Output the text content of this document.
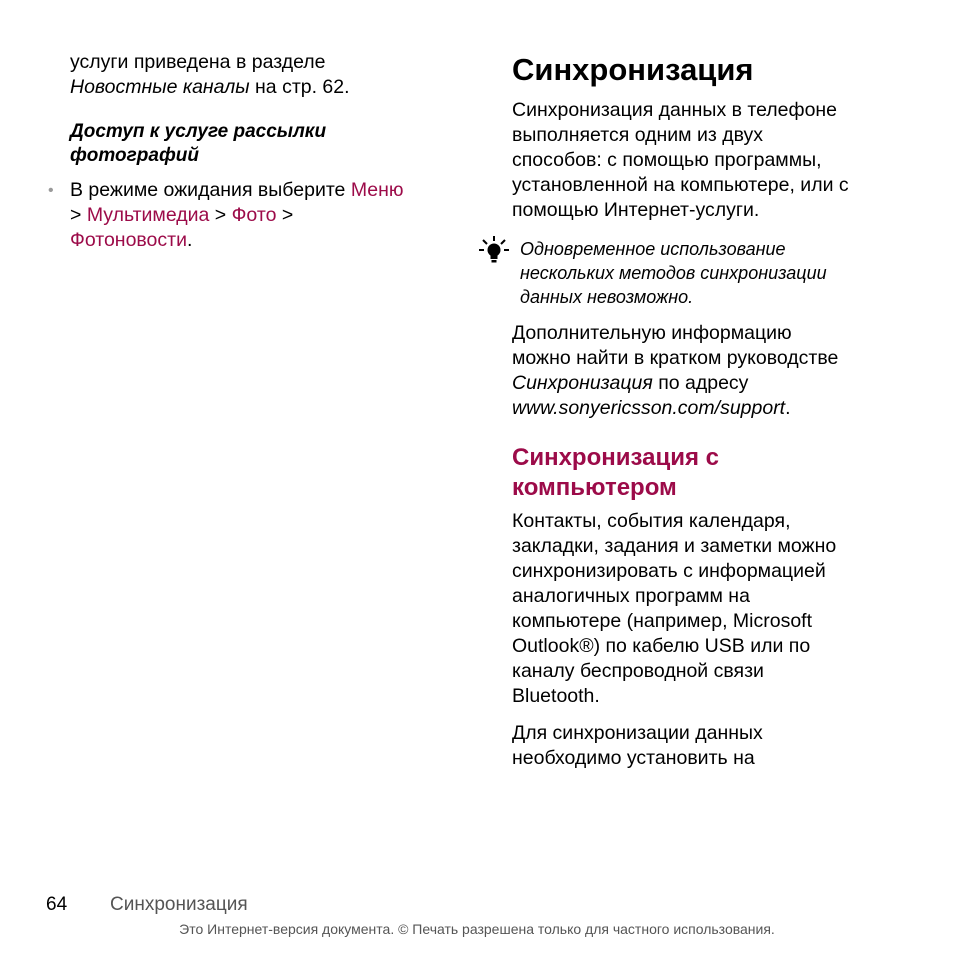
услуги приведена в разделе
Новостные каналы на стр. 62.

Доступ к услуге рассылки
фотографий

• В режиме ожидания выберите Меню
> Мультимедиа > Фото >
Фотоновости.

Синхронизация

Синхронизация данных в телефоне
выполняется одним из двух
способов: с помощью программы,
установленной на компьютере, или с
помощью Интернет-услуги.

Одновременное использование
нескольких методов синхронизации
данных невозможно.

Дополнительную информацию
можно найти в кратком руководстве
Синхронизация по адресу
www.sonyericsson.com/support.

Синхронизация с
компьютером

Контакты, события календаря,
закладки, задания и заметки можно
синхронизировать с информацией
аналогичных программ на
компьютере (например, Microsoft
Outlook®) по кабелю USB или по
каналу беспроводной связи
Bluetooth.

Для синхронизации данных
необходимо установить на

64 Синхронизация
Это Интернет-версия документа. © Печать разрешена только для частного использования.
